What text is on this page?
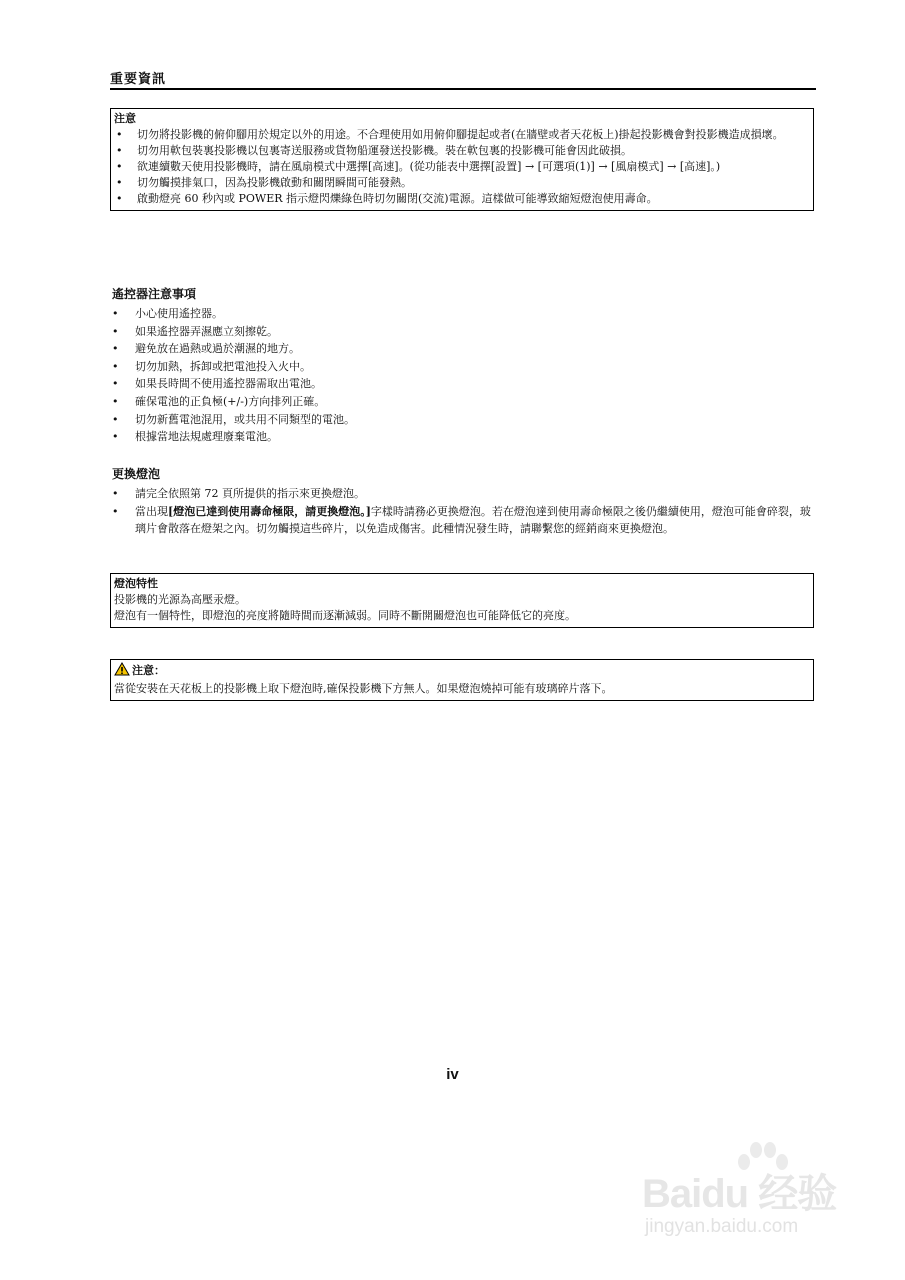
重要資訊
注意
• 切勿將投影機的俯仰腳用於規定以外的用途。不合理使用如用俯仰腳提起或者(在牆壁或者天花板上)掛起投影機會對投影機造成損壞。
• 切勿用軟包裝裏投影機以包裏寄送服務或貨物船運發送投影機。裝在軟包裏的投影機可能會因此破損。
• 欲連續數天使用投影機時，請在風扇模式中選擇[高速]。(從功能表中選擇[設置] → [可選項(1)] → [風扇模式] → [高速]。)
• 切勿觸摸排氣口，因為投影機啟動和關閉瞬間可能發熱。
• 啟動燈亮 60 秒內或 POWER 指示燈閃爍綠色時切勿關閉(交流)電源。這樣做可能導致縮短燈泡使用壽命。
遙控器注意事項
• 小心使用遙控器。
• 如果遙控器弄濕應立刻擦乾。
• 避免放在過熱或過於潮濕的地方。
• 切勿加熱，拆卸或把電池投入火中。
• 如果長時間不使用遙控器需取出電池。
• 確保電池的正負極(+/-)方向排列正確。
• 切勿新舊電池混用，或共用不同類型的電池。
• 根據當地法規處理廢棄電池。
更換燈泡
• 請完全依照第 72 頁所提供的指示來更換燈泡。
• 當出現[燈泡已達到使用壽命極限，請更換燈泡。]字樣時請務必更換燈泡。若在燈泡達到使用壽命極限之後仍繼續使用，燈泡可能會碎裂，玻璃片會散落在燈架之內。切勿觸摸這些碎片，以免造成傷害。此種情況發生時，請聯繫您的經銷商來更換燈泡。
燈泡特性
投影機的光源為高壓汞燈。
燈泡有一個特性，即燈泡的亮度將隨時間而逐漸減弱。同時不斷開關燈泡也可能降低它的亮度。
注意：
當從安裝在天花板上的投影機上取下燈泡時,確保投影機下方無人。如果燈泡燒掉可能有玻璃碎片落下。
iv
Baidu 经验
jingyan.baidu.com
